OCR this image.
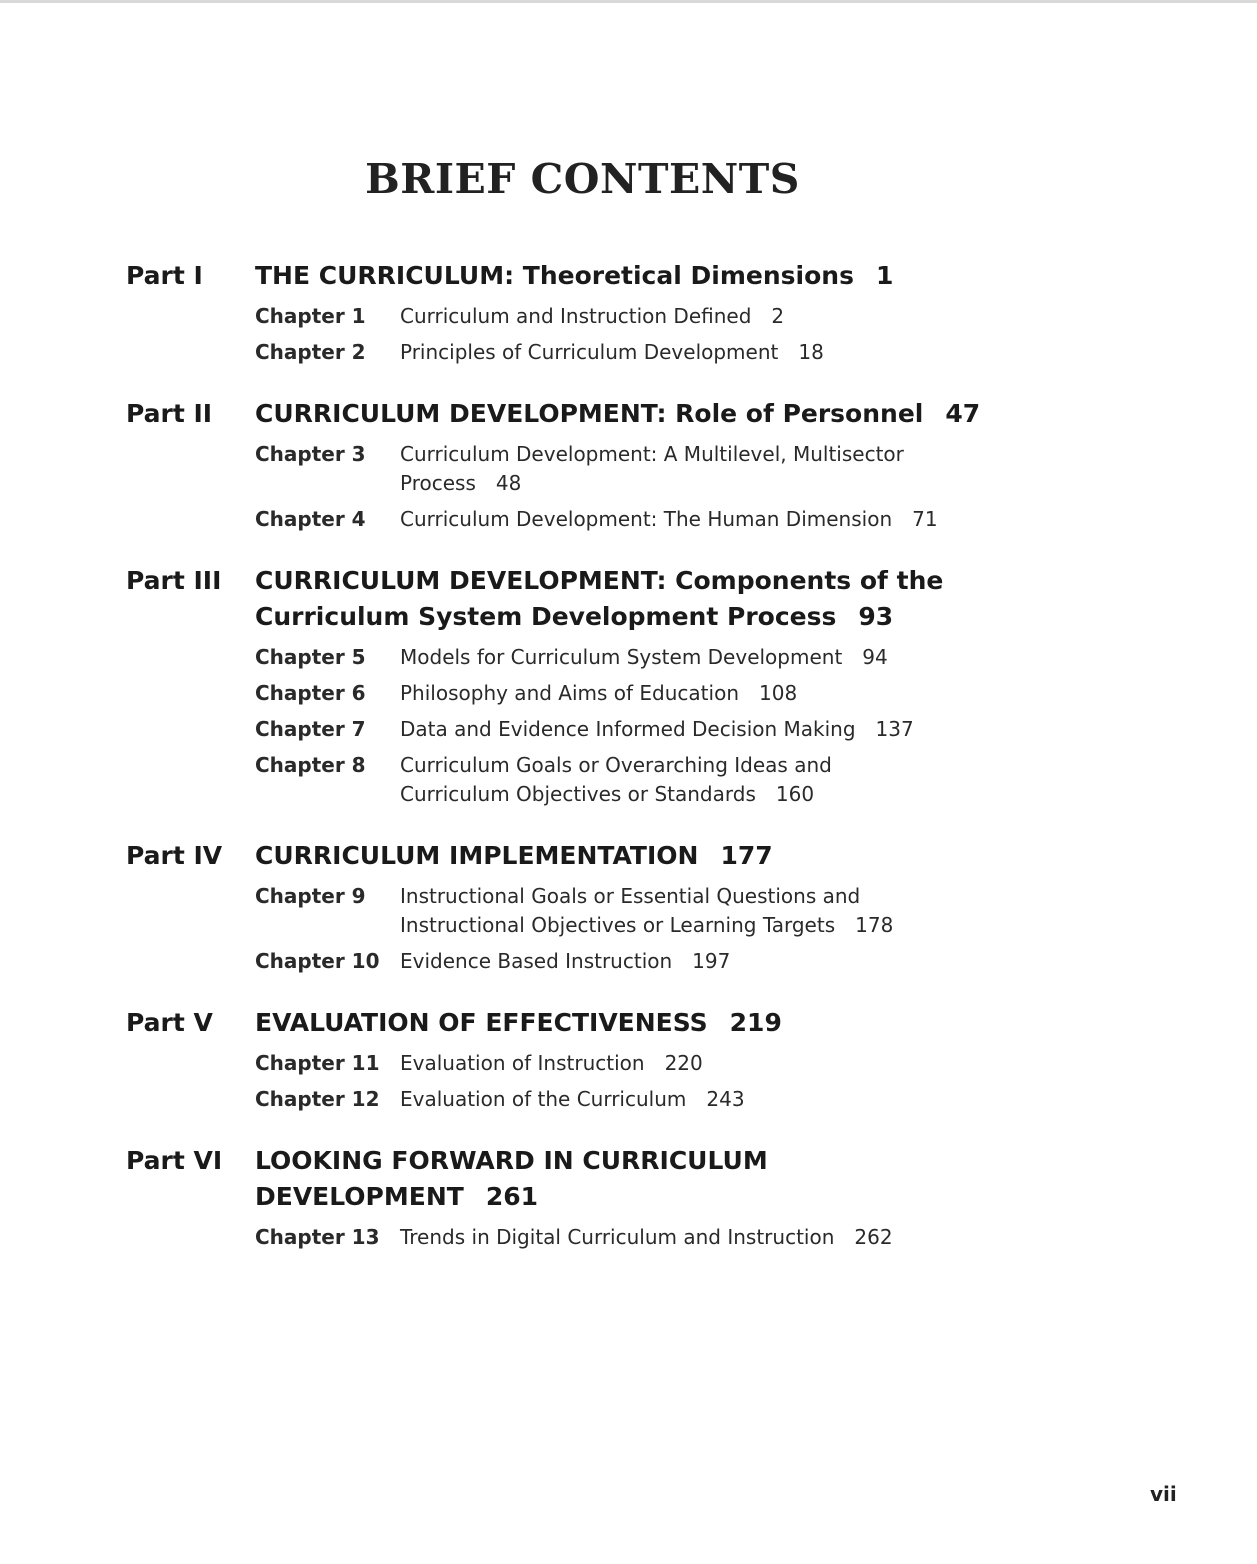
BRIEF CONTENTS
Part I	THE CURRICULUM: Theoretical Dimensions 1
Chapter 1	Curriculum and Instruction Defined 2
Chapter 2	Principles of Curriculum Development 18
Part II	CURRICULUM DEVELOPMENT: Role of Personnel 47
Chapter 3	Curriculum Development: A Multilevel, Multisector Process 48
Chapter 4	Curriculum Development: The Human Dimension 71
Part III	CURRICULUM DEVELOPMENT: Components of the Curriculum System Development Process 93
Chapter 5	Models for Curriculum System Development 94
Chapter 6	Philosophy and Aims of Education 108
Chapter 7	Data and Evidence Informed Decision Making 137
Chapter 8	Curriculum Goals or Overarching Ideas and Curriculum Objectives or Standards 160
Part IV	CURRICULUM IMPLEMENTATION 177
Chapter 9	Instructional Goals or Essential Questions and Instructional Objectives or Learning Targets 178
Chapter 10	Evidence Based Instruction 197
Part V	EVALUATION OF EFFECTIVENESS 219
Chapter 11	Evaluation of Instruction 220
Chapter 12	Evaluation of the Curriculum 243
Part VI	LOOKING FORWARD IN CURRICULUM DEVELOPMENT 261
Chapter 13	Trends in Digital Curriculum and Instruction 262
vii
